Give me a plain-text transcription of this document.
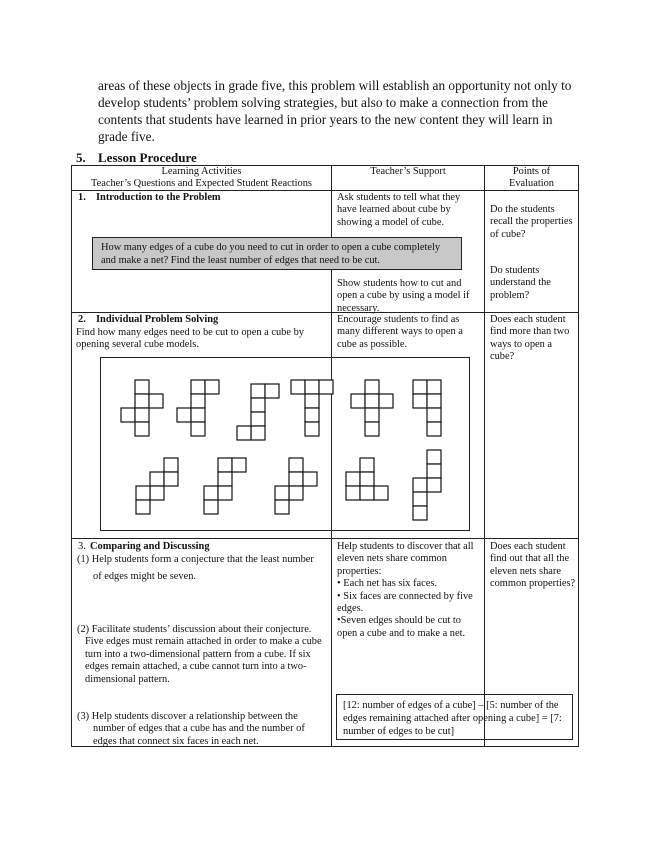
areas of these objects in grade five, this problem will establish an opportunity not only to develop students’ problem solving strategies, but also to make a connection from the contents that students have learned in prior years to the new content they will learn in grade five.
5. Lesson Procedure
Learning Activities
Teacher’s Questions and Expected Student Reactions
Teacher’s Support	Points of
Evaluation
1. Introduction to the Problem	Ask students to tell what they have learned about cube by showing a model of cube.
Do the students recall the properties of cube?
How many edges of a cube do you need to cut in order to open a cube completely and make a net? Find the least number of edges that need to be cut.
Show students how to cut and open a cube by using a model if necessary.
Do students understand the problem?
2. Individual Problem Solving
Find how many edges need to be cut to open a cube by opening several cube models.
Encourage students to find as many different ways to open a cube as possible.
Does each student find more than two ways to open a cube?
3. Comparing and Discussing
(1) Help students form a conjecture that the least number
of edges might be seven.
(2) Facilitate students’ discussion about their conjecture.
Five edges must remain attached in order to make a cube turn into a two-dimensional pattern from a cube. If six edges remain attached, a cube cannot turn into a two-dimensional pattern.
(3) Help students discover a relationship between the
number of edges that a cube has and the number of edges that connect six faces in each net.
Help students to discover that all eleven nets share common properties:
• Each net has six faces.
• Six faces are connected by five edges.
•Seven edges should be cut to open a cube and to make a net.
Does each student find out that all the eleven nets share common properties?
[12: number of edges of a cube] – [5: number of the edges remaining attached after opening a cube] = [7: number of edges to be cut]
